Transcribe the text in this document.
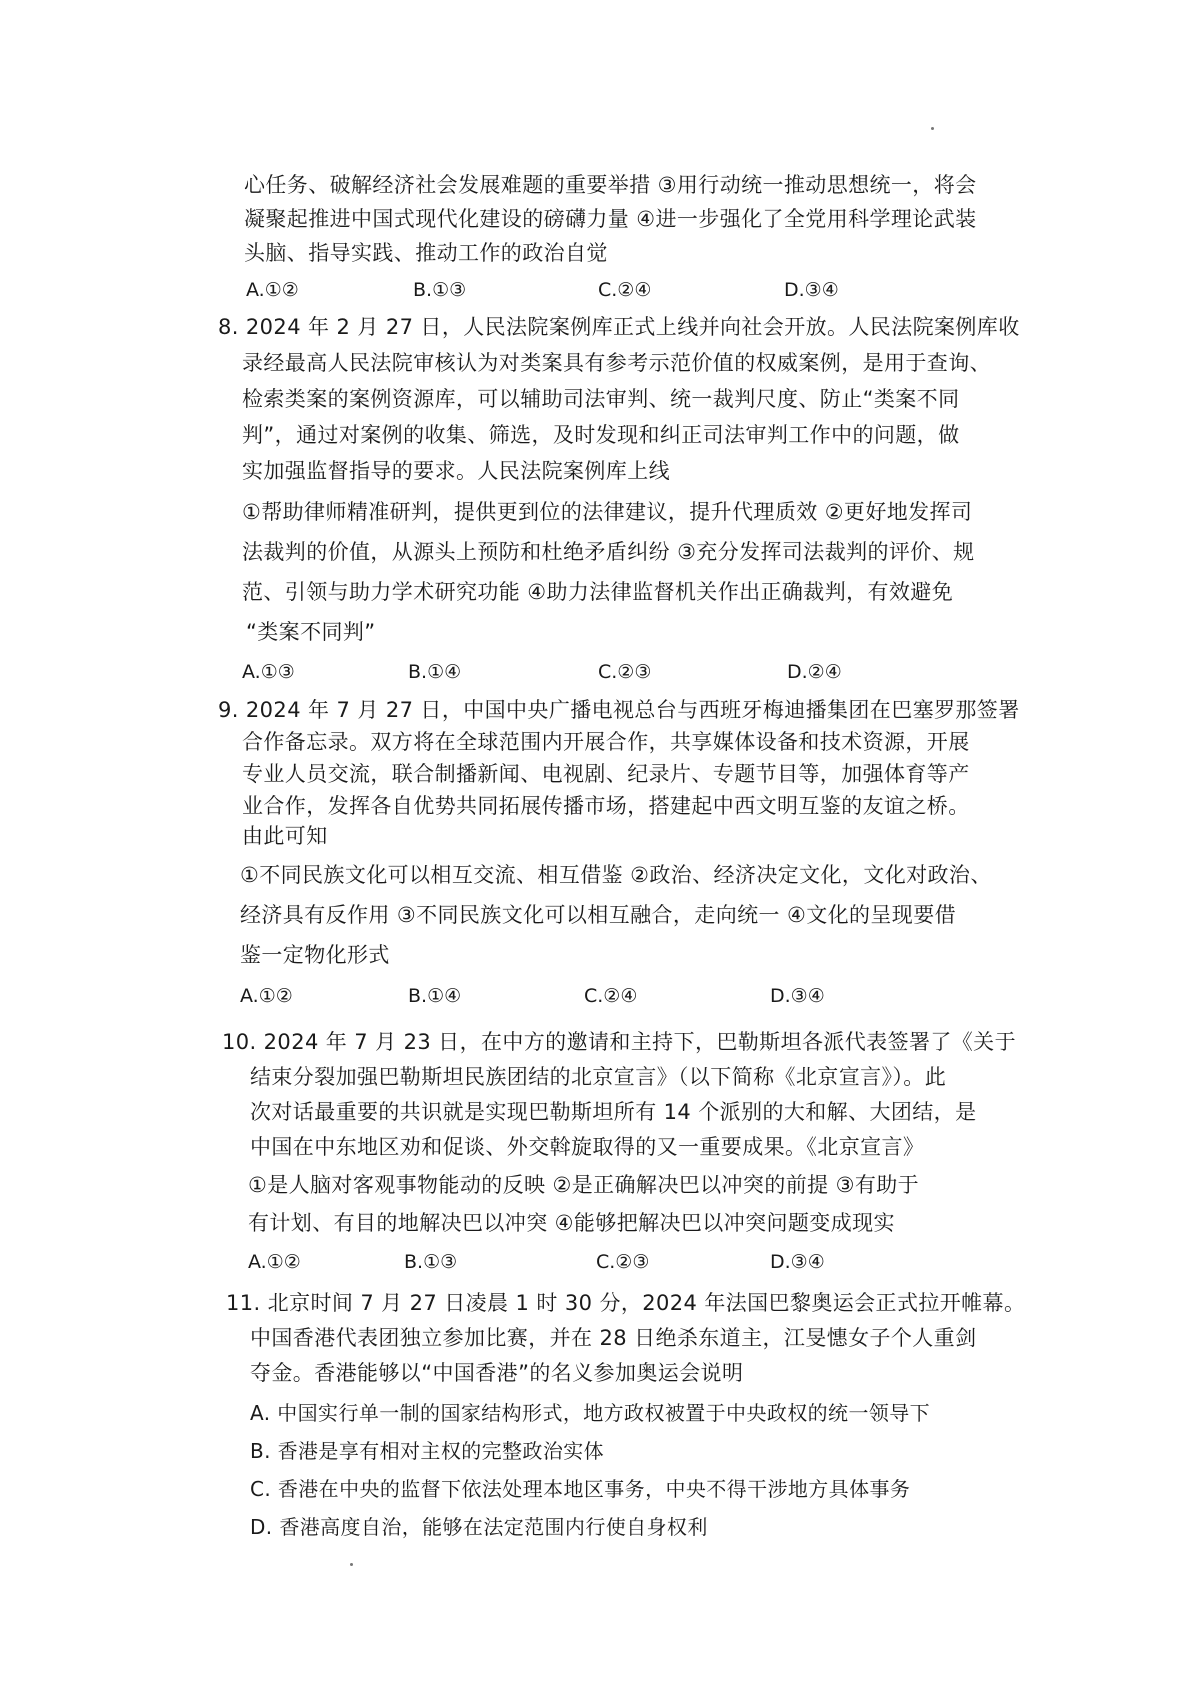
心任务、破解经济社会发展难题的重要举措 ③用行动统一推动思想统一，将会
凝聚起推进中国式现代化建设的磅礴力量 ④进一步强化了全党用科学理论武装
头脑、指导实践、推动工作的政治自觉
A.①②	B.①③	C.②④	D.③④
8. 2024 年 2 月 27 日，人民法院案例库正式上线并向社会开放。人民法院案例库收
录经最高人民法院审核认为对类案具有参考示范价值的权威案例，是用于查询、
检索类案的案例资源库，可以辅助司法审判、统一裁判尺度、防止“类案不同
判”，通过对案例的收集、筛选，及时发现和纠正司法审判工作中的问题，做
实加强监督指导的要求。人民法院案例库上线
①帮助律师精准研判，提供更到位的法律建议，提升代理质效 ②更好地发挥司
法裁判的价值，从源头上预防和杜绝矛盾纠纷 ③充分发挥司法裁判的评价、规
范、引领与助力学术研究功能 ④助力法律监督机关作出正确裁判，有效避免
“类案不同判”
A.①③	B.①④	C.②③	D.②④
9. 2024 年 7 月 27 日，中国中央广播电视总台与西班牙梅迪播集团在巴塞罗那签署
合作备忘录。双方将在全球范围内开展合作，共享媒体设备和技术资源，开展
专业人员交流，联合制播新闻、电视剧、纪录片、专题节目等，加强体育等产
业合作，发挥各自优势共同拓展传播市场，搭建起中西文明互鉴的友谊之桥。
由此可知
①不同民族文化可以相互交流、相互借鉴 ②政治、经济决定文化，文化对政治、
经济具有反作用 ③不同民族文化可以相互融合，走向统一 ④文化的呈现要借
鉴一定物化形式
A.①②	B.①④	C.②④	D.③④
10. 2024 年 7 月 23 日，在中方的邀请和主持下，巴勒斯坦各派代表签署了《关于
结束分裂加强巴勒斯坦民族团结的北京宣言》（以下简称《北京宣言》）。此
次对话最重要的共识就是实现巴勒斯坦所有 14 个派别的大和解、大团结，是
中国在中东地区劝和促谈、外交斡旋取得的又一重要成果。《北京宣言》
①是人脑对客观事物能动的反映 ②是正确解决巴以冲突的前提 ③有助于
有计划、有目的地解决巴以冲突 ④能够把解决巴以冲突问题变成现实
A.①②	B.①③	C.②③	D.③④
11. 北京时间 7 月 27 日凌晨 1 时 30 分，2024 年法国巴黎奥运会正式拉开帷幕。
中国香港代表团独立参加比赛，并在 28 日绝杀东道主，江旻憓女子个人重剑
夺金。香港能够以“中国香港”的名义参加奥运会说明
A. 中国实行单一制的国家结构形式，地方政权被置于中央政权的统一领导下
B. 香港是享有相对主权的完整政治实体
C. 香港在中央的监督下依法处理本地区事务，中央不得干涉地方具体事务
D. 香港高度自治，能够在法定范围内行使自身权利
